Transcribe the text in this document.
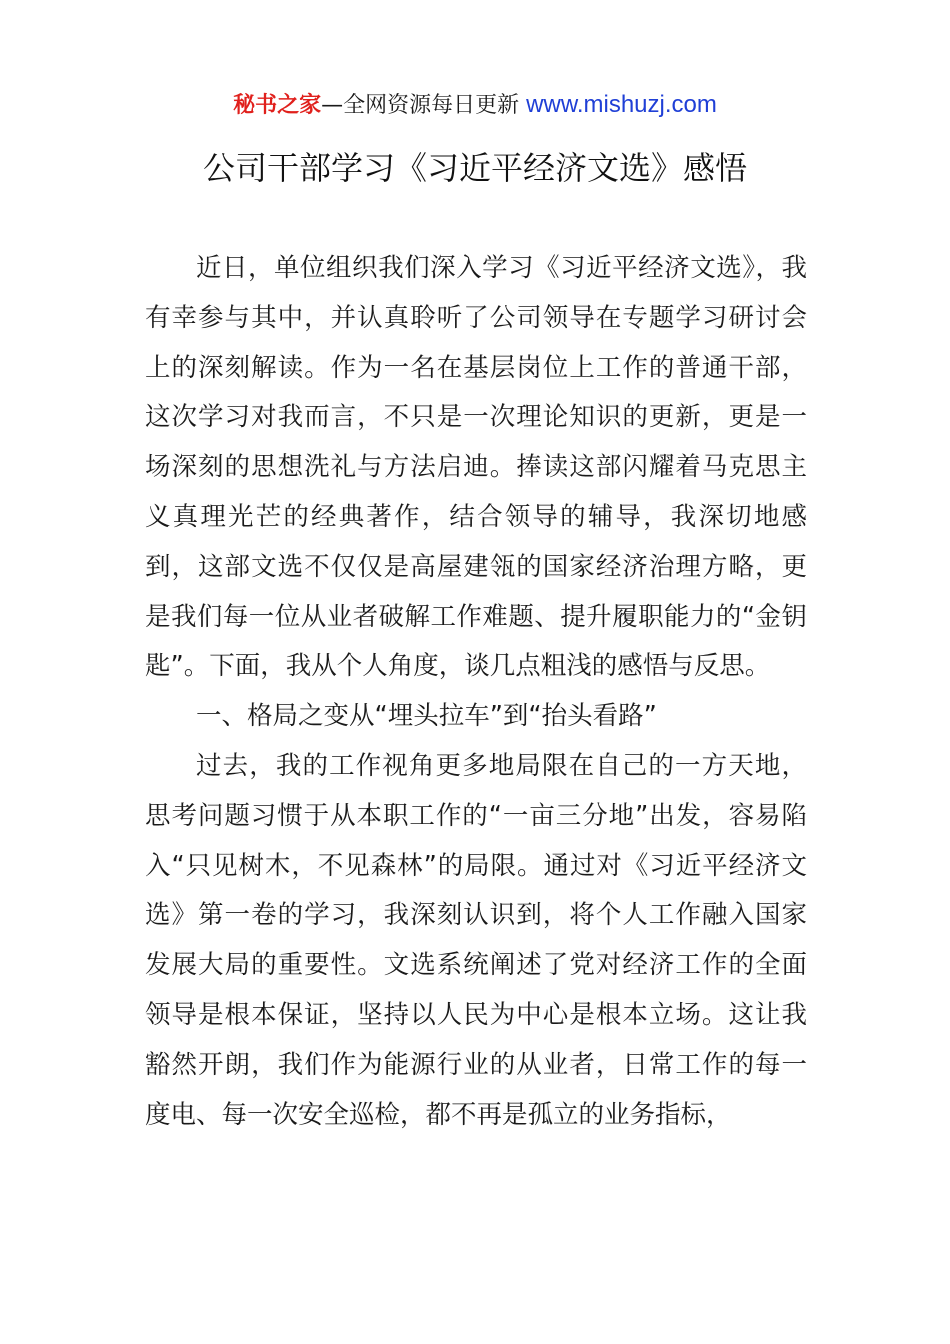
秘书之家—全网资源每日更新 www.mishuzj.com
公司干部学习《习近平经济文选》感悟

近日，单位组织我们深入学习《习近平经济文选》，我有幸参与其中，并认真聆听了公司领导在专题学习研讨会上的深刻解读。作为一名在基层岗位上工作的普通干部，这次学习对我而言，不只是一次理论知识的更新，更是一场深刻的思想洗礼与方法启迪。捧读这部闪耀着马克思主义真理光芒的经典著作，结合领导的辅导，我深切地感到，这部文选不仅仅是高屋建瓴的国家经济治理方略，更是我们每一位从业者破解工作难题、提升履职能力的“金钥匙”。下面，我从个人角度，谈几点粗浅的感悟与反思。

一、格局之变从“埋头拉车”到“抬头看路”

过去，我的工作视角更多地局限在自己的一方天地，思考问题习惯于从本职工作的“一亩三分地”出发，容易陷入“只见树木，不见森林”的局限。通过对《习近平经济文选》第一卷的学习，我深刻认识到，将个人工作融入国家发展大局的重要性。文选系统阐述了党对经济工作的全面领导是根本保证，坚持以人民为中心是根本立场。这让我豁然开朗，我们作为能源行业的从业者，日常工作的每一度电、每一次安全巡检，都不再是孤立的业务指标，
